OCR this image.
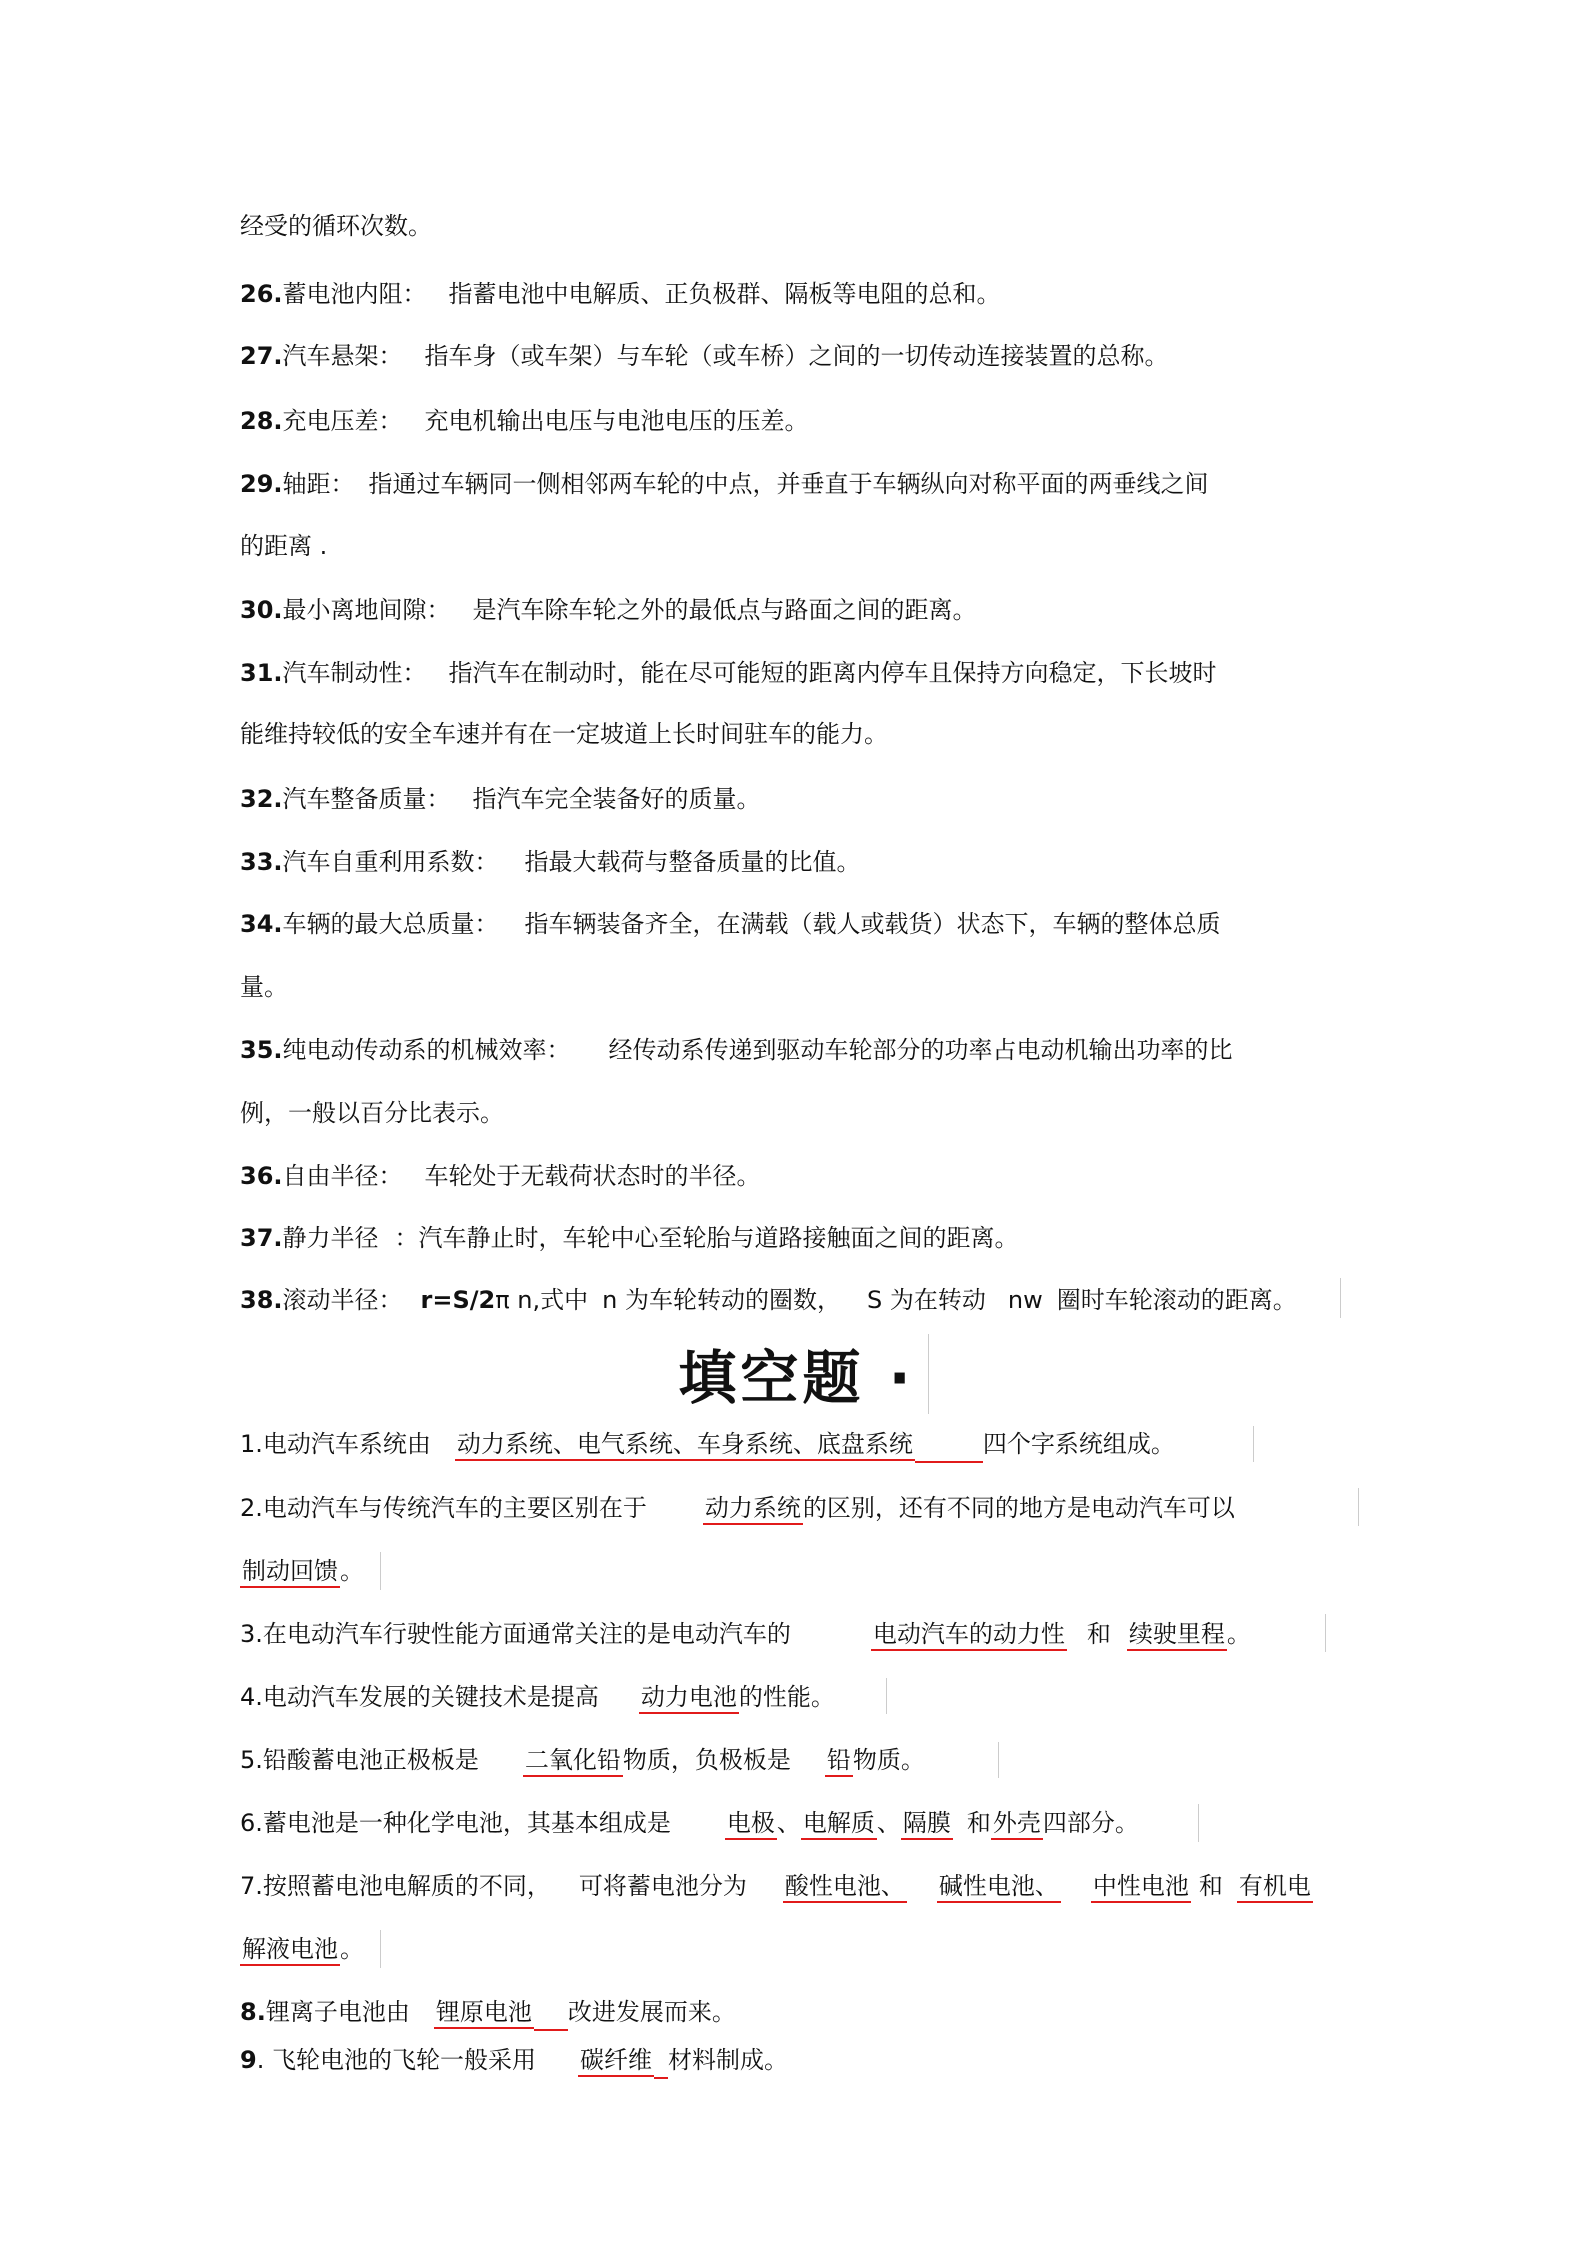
经受的循环次数。
26.蓄电池内阻： 指蓄电池中电解质、正负极群、隔板等电阻的总和。
27.汽车悬架： 指车身（或车架）与车轮（或车桥）之间的一切传动连接装置的总称。
28.充电压差： 充电机输出电压与电池电压的压差。
29.轴距： 指通过车辆同一侧相邻两车轮的中点，并垂直于车辆纵向对称平面的两垂线之间
的距离 .
30.最小离地间隙： 是汽车除车轮之外的最低点与路面之间的距离。
31.汽车制动性： 指汽车在制动时，能在尽可能短的距离内停车且保持方向稳定，下长坡时
能维持较低的安全车速并有在一定坡道上长时间驻车的能力。
32.汽车整备质量： 指汽车完全装备好的质量。
33.汽车自重利用系数： 指最大载荷与整备质量的比值。
34.车辆的最大总质量： 指车辆装备齐全，在满载（载人或载货）状态下，车辆的整体总质
量。
35.纯电动传动系的机械效率： 经传动系传递到驱动车轮部分的功率占电动机输出功率的比
例，一般以百分比表示。
36.自由半径： 车轮处于无载荷状态时的半径。
37.静力半径 ：汽车静止时，车轮中心至轮胎与道路接触面之间的距离。
38.滚动半径： r=S/2π n,式中 n 为车轮转动的圈数， S 为在转动 nw 圈时车轮滚动的距离。
填空题 ·
1.电动汽车系统由 动力系统、电气系统、车身系统、底盘系统	四个字系统组成。
2.电动汽车与传统汽车的主要区别在于 动力系统的区别，还有不同的地方是电动汽车可以
制动回馈。
3.在电动汽车行驶性能方面通常关注的是电动汽车的	电动汽车的动力性 和 续驶里程。
4.电动汽车发展的关键技术是提高 动力电池的性能。
5.铅酸蓄电池正极板是 二氧化铅物质，负极板是 铅物质。
6.蓄电池是一种化学电池，其基本组成是 电极、电解质、隔膜 和外壳四部分。
7.按照蓄电池电解质的不同， 可将蓄电池分为 酸性电池、 碱性电池、 中性电池 和 有机电
解液电池。
8.锂离子电池由 锂原电池 改进发展而来。
9. 飞轮电池的飞轮一般采用 碳纤维 材料制成。
